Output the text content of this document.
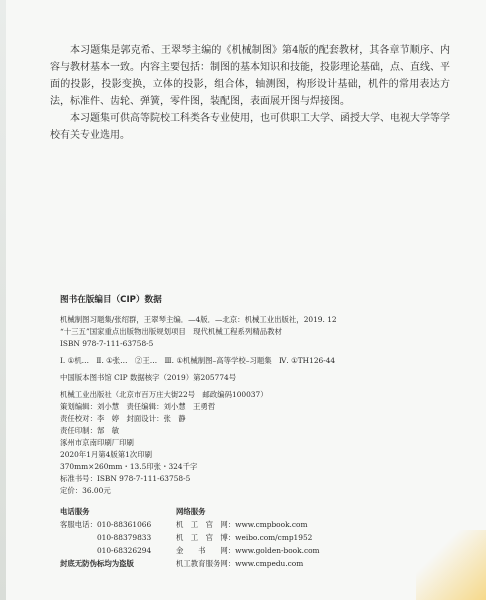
本习题集是郭克希、王翠琴主编的《机械制图》第4版的配套教材，其各章节顺序、内容与教材基本一致。内容主要包括：制图的基本知识和技能，投影理论基础，点、直线、平面的投影，投影变换，立体的投影，组合体，轴测图，构形设计基础，机件的常用表达方法，标准件、齿轮、弹簧，零件图，装配图，表面展开图与焊接图。

本习题集可供高等院校工科类各专业使用，也可供职工大学、函授大学、电视大学等学校有关专业选用。

图书在版编目（CIP）数据
机械制图习题集/张绍群，王翠琴主编．—4版．—北京：机械工业出版社，2019. 12
“十三五”国家重点出版物出版规划项目　现代机械工程系列精品教材
ISBN 978-7-111-63758-5
Ⅰ. ①机…　Ⅱ. ①张…　②王…　Ⅲ. ①机械制图–高等学校–习题集　Ⅳ. ①TH126-44
中国版本图书馆 CIP 数据核字（2019）第205774号
机械工业出版社（北京市百万庄大街22号　邮政编码100037）
策划编辑：刘小慧　责任编辑：刘小慧　王勇哲
责任校对：李　婷　封面设计：张　静
责任印制：郜　敏
涿州市京南印刷厂印刷
2020年1月第4版第1次印刷
370mm×260mm・13.5印张・324千字
标准书号：ISBN 978-7-111-63758-5
定价：36.00元
电话服务	网络服务
客服电话：010-88361066	机　工　官　网：www.cmpbook.com
　　　　　010-88379833	机　工　官　博：weibo.com/cmp1952
　　　　　010-68326294	金　　书　　网：www.golden-book.com
封底无防伪标均为盗版	机工教育服务网：www.cmpedu.com
